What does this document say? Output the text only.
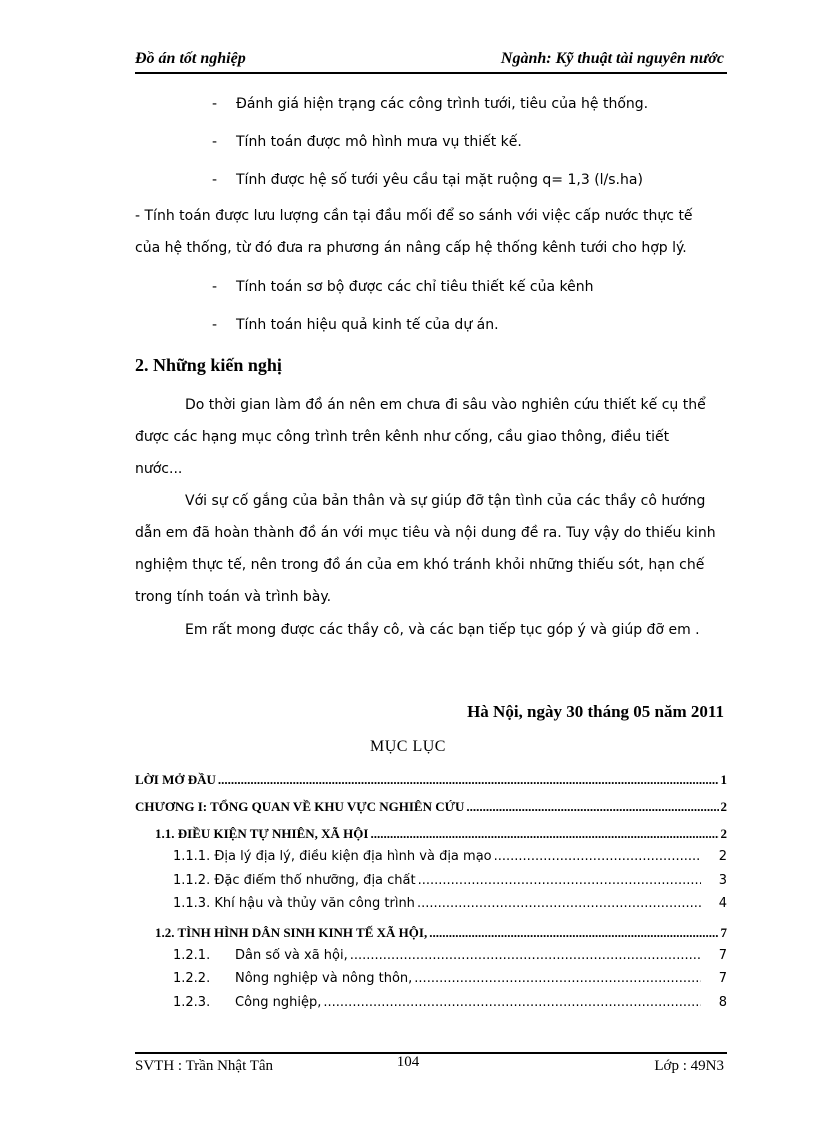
Đồ án tốt nghiệp	Ngành: Kỹ thuật tài nguyên nước
- Đánh giá hiện trạng các công trình tưới, tiêu của hệ thống.
- Tính toán được mô hình mưa vụ thiết kế.
- Tính được hệ số tưới yêu cầu tại mặt ruộng q= 1,3 (l/s.ha)
- Tính toán được lưu lượng cần tại đầu mối để so sánh với việc cấp nước thực tế
của hệ thống, từ đó đưa ra phương án nâng cấp hệ thống kênh tưới cho hợp lý.
- Tính toán sơ bộ được các chỉ tiêu thiết kế của kênh
- Tính toán hiệu quả kinh tế của dự án.
2. Những kiến nghị
Do thời gian làm đồ án nên em chưa đi sâu vào nghiên cứu thiết kế cụ thể
được các hạng mục công trình trên kênh như cống, cầu giao thông, điều tiết
nước...
Với sự cố gắng của bản thân và sự giúp đỡ tận tình của các thầy cô hướng
dẫn em đã hoàn thành đồ án với mục tiêu và nội dung đề ra. Tuy vậy do thiếu kinh
nghiệm thực tế, nên trong đồ án của em khó tránh khỏi những thiếu sót, hạn chế
trong tính toán và trình bày.
Em rất mong được các thầy cô, và các bạn tiếp tục góp ý và giúp đỡ em .
Hà Nội, ngày 30 tháng 05 năm 2011
MỤC LỤC
LỜI MỞ ĐẦU .....	1
CHƯƠNG I: TỔNG QUAN VỀ KHU VỰC NGHIÊN CỨU .....	2
1.1. ĐIỀU KIỆN TỰ NHIÊN, XÃ HỘI .....	2
1.1.1. Địa lý địa lý, điều kiện địa hình và địa mạo .....	2
1.1.2. Đặc điểm thổ nhưỡng, địa chất .....	3
1.1.3. Khí hậu và thủy văn công trình .....	4
1.2. TÌNH HÌNH DÂN SINH KINH TẾ XÃ HỘI, .....	7
1.2.1. Dân số và xã hội, .....	7
1.2.2. Nông nghiệp và nông thôn, .....	7
1.2.3. Công nghiệp, .....	8
SVTH : Trần Nhật Tân	104	Lớp : 49N3
